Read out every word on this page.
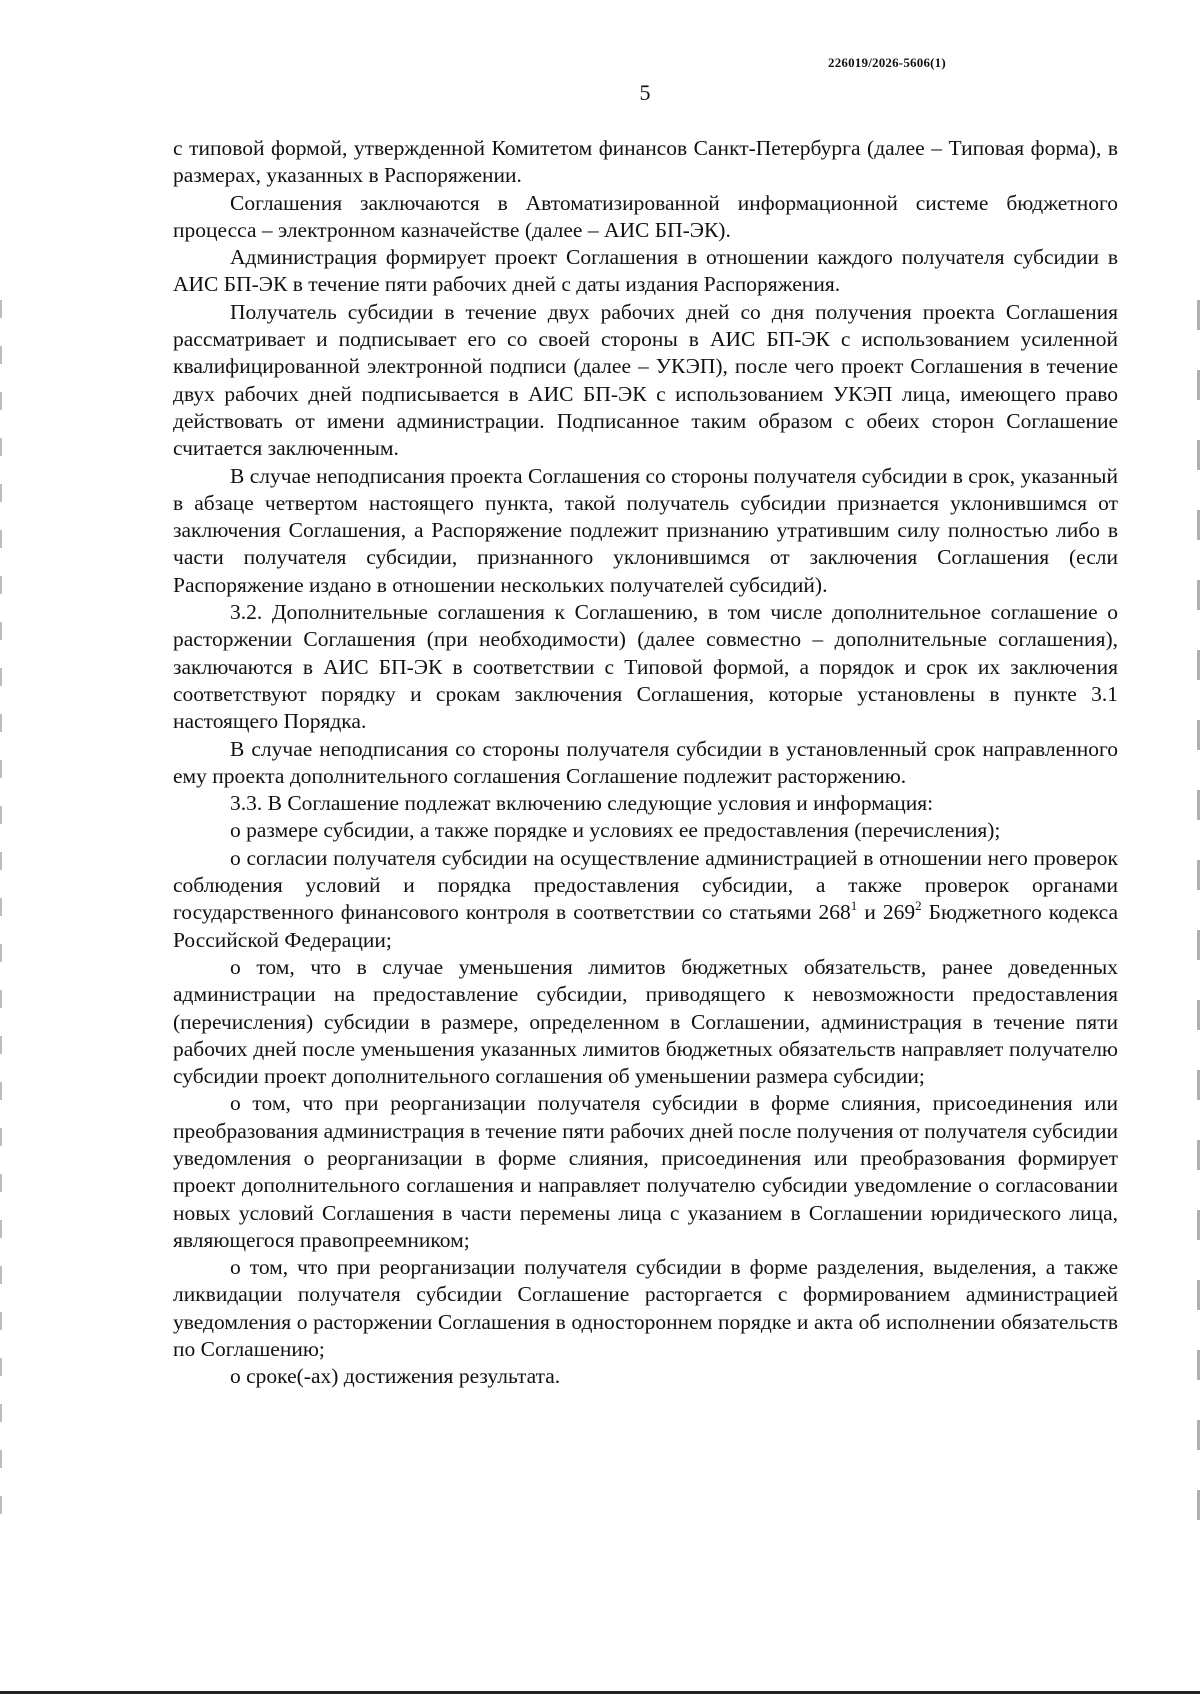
226019/2026-5606(1)
5

с типовой формой, утвержденной Комитетом финансов Санкт-Петербурга (далее – Типовая форма), в размерах, указанных в Распоряжении.

Соглашения заключаются в Автоматизированной информационной системе бюджетного процесса – электронном казначействе (далее – АИС БП-ЭК).

Администрация формирует проект Соглашения в отношении каждого получателя субсидии в АИС БП-ЭК в течение пяти рабочих дней с даты издания Распоряжения.

Получатель субсидии в течение двух рабочих дней со дня получения проекта Соглашения рассматривает и подписывает его со своей стороны в АИС БП-ЭК с использованием усиленной квалифицированной электронной подписи (далее – УКЭП), после чего проект Соглашения в течение двух рабочих дней подписывается в АИС БП-ЭК с использованием УКЭП лица, имеющего право действовать от имени администрации. Подписанное таким образом с обеих сторон Соглашение считается заключенным.

В случае неподписания проекта Соглашения со стороны получателя субсидии в срок, указанный в абзаце четвертом настоящего пункта, такой получатель субсидии признается уклонившимся от заключения Соглашения, а Распоряжение подлежит признанию утратившим силу полностью либо в части получателя субсидии, признанного уклонившимся от заключения Соглашения (если Распоряжение издано в отношении нескольких получателей субсидий).

3.2. Дополнительные соглашения к Соглашению, в том числе дополнительное соглашение о расторжении Соглашения (при необходимости) (далее совместно – дополнительные соглашения), заключаются в АИС БП-ЭК в соответствии с Типовой формой, а порядок и срок их заключения соответствуют порядку и срокам заключения Соглашения, которые установлены в пункте 3.1 настоящего Порядка.

В случае неподписания со стороны получателя субсидии в установленный срок направленного ему проекта дополнительного соглашения Соглашение подлежит расторжению.

3.3. В Соглашение подлежат включению следующие условия и информация:

о размере субсидии, а также порядке и условиях ее предоставления (перечисления);

о согласии получателя субсидии на осуществление администрацией в отношении него проверок соблюдения условий и порядка предоставления субсидии, а также проверок органами государственного финансового контроля в соответствии со статьями $268^1$ и $269^2$ Бюджетного кодекса Российской Федерации;

о том, что в случае уменьшения лимитов бюджетных обязательств, ранее доведенных администрации на предоставление субсидии, приводящего к невозможности предоставления (перечисления) субсидии в размере, определенном в Соглашении, администрация в течение пяти рабочих дней после уменьшения указанных лимитов бюджетных обязательств направляет получателю субсидии проект дополнительного соглашения об уменьшении размера субсидии;

о том, что при реорганизации получателя субсидии в форме слияния, присоединения или преобразования администрация в течение пяти рабочих дней после получения от получателя субсидии уведомления о реорганизации в форме слияния, присоединения или преобразования формирует проект дополнительного соглашения и направляет получателю субсидии уведомление о согласовании новых условий Соглашения в части перемены лица с указанием в Соглашении юридического лица, являющегося правопреемником;

о том, что при реорганизации получателя субсидии в форме разделения, выделения, а также ликвидации получателя субсидии Соглашение расторгается с формированием администрацией уведомления о расторжении Соглашения в одностороннем порядке и акта об исполнении обязательств по Соглашению;

о сроке(-ах) достижения результата.
